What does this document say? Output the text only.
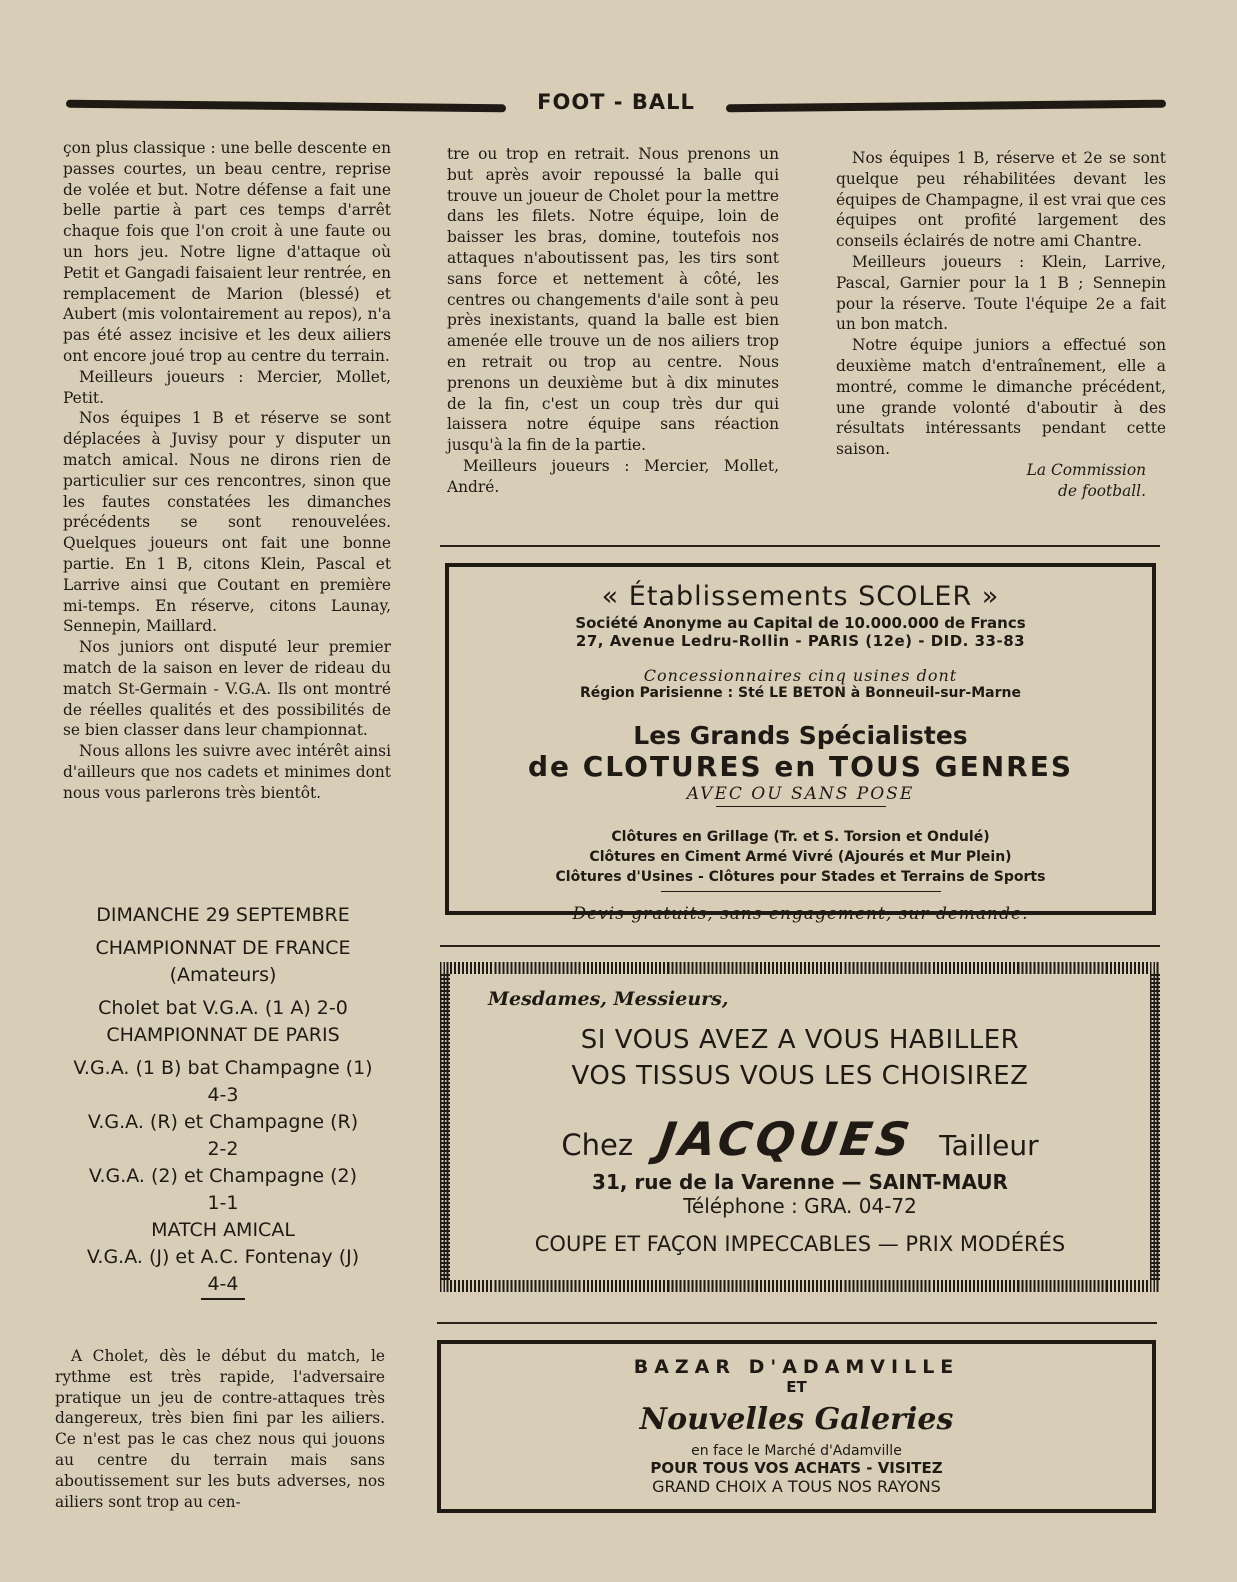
FOOT - BALL

çon plus classique : une belle descente en passes courtes, un beau centre, reprise de volée et but. Notre défense a fait une belle partie à part ces temps d'arrêt chaque fois que l'on croit à une faute ou un hors jeu. Notre ligne d'attaque où Petit et Gangadi faisaient leur rentrée, en remplacement de Marion (blessé) et Aubert (mis volontairement au repos), n'a pas été assez incisive et les deux ailiers ont encore joué trop au centre du terrain.

Meilleurs joueurs : Mercier, Mollet, Petit.

Nos équipes 1 B et réserve se sont déplacées à Juvisy pour y disputer un match amical. Nous ne dirons rien de particulier sur ces rencontres, sinon que les fautes constatées les dimanches précédents se sont renouvelées. Quelques joueurs ont fait une bonne partie. En 1 B, citons Klein, Pascal et Larrive ainsi que Coutant en première mi-temps. En réserve, citons Launay, Sennepin, Maillard.

Nos juniors ont disputé leur premier match de la saison en lever de rideau du match St-Germain - V.G.A. Ils ont montré de réelles qualités et des possibilités de se bien classer dans leur championnat.

Nous allons les suivre avec intérêt ainsi d'ailleurs que nos cadets et minimes dont nous vous parlerons très bientôt.

DIMANCHE 29 SEPTEMBRE
CHAMPIONNAT DE FRANCE
(Amateurs)
Cholet bat V.G.A. (1 A) 2-0
CHAMPIONNAT DE PARIS
V.G.A. (1 B) bat Champagne (1)
4-3
V.G.A. (R) et Champagne (R)
2-2
V.G.A. (2) et Champagne (2)
1-1
MATCH AMICAL
V.G.A. (J) et A.C. Fontenay (J)
4-4

A Cholet, dès le début du match, le rythme est très rapide, l'adversaire pratique un jeu de contre-attaques très dangereux, très bien fini par les ailiers. Ce n'est pas le cas chez nous qui jouons au centre du terrain mais sans aboutissement sur les buts adverses, nos ailiers sont trop au cen-

tre ou trop en retrait. Nous prenons un but après avoir repoussé la balle qui trouve un joueur de Cholet pour la mettre dans les filets. Notre équipe, loin de baisser les bras, domine, toutefois nos attaques n'aboutissent pas, les tirs sont sans force et nettement à côté, les centres ou changements d'aile sont à peu près inexistants, quand la balle est bien amenée elle trouve un de nos ailiers trop en retrait ou trop au centre. Nous prenons un deuxième but à dix minutes de la fin, c'est un coup très dur qui laissera notre équipe sans réaction jusqu'à la fin de la partie.

Meilleurs joueurs : Mercier, Mollet, André.

Nos équipes 1 B, réserve et 2e se sont quelque peu réhabilitées devant les équipes de Champagne, il est vrai que ces équipes ont profité largement des conseils éclairés de notre ami Chantre.

Meilleurs joueurs : Klein, Larrive, Pascal, Garnier pour la 1 B ; Sennepin pour la réserve. Toute l'équipe 2e a fait un bon match.

Notre équipe juniors a effectué son deuxième match d'entraînement, elle a montré, comme le dimanche précédent, une grande volonté d'aboutir à des résultats intéressants pendant cette saison.

La Commission
de football.
« Établissements SCOLER »
Société Anonyme au Capital de 10.000.000 de Francs
27, Avenue Ledru-Rollin - PARIS (12e) - DID. 33-83
Concessionnaires cinq usines dont
Région Parisienne : Sté LE BETON à Bonneuil-sur-Marne
Les Grands Spécialistes
de CLOTURES en TOUS GENRES
AVEC OU SANS POSE
Clôtures en Grillage (Tr. et S. Torsion et Ondulé)
Clôtures en Ciment Armé Vivré (Ajourés et Mur Plein)
Clôtures d'Usines - Clôtures pour Stades et Terrains de Sports
Devis gratuits, sans engagement, sur demande.
Mesdames, Messieurs,
SI VOUS AVEZ A VOUS HABILLER
VOS TISSUS VOUS LES CHOISIREZ
Chez JACQUES Tailleur
31, rue de la Varenne — SAINT-MAUR
Téléphone : GRA. 04-72
COUPE ET FAÇON IMPECCABLES — PRIX MODÉRÉS
BAZAR D'ADAMVILLE
ET
Nouvelles Galeries
en face le Marché d'Adamville
POUR TOUS VOS ACHATS - VISITEZ
GRAND CHOIX A TOUS NOS RAYONS
